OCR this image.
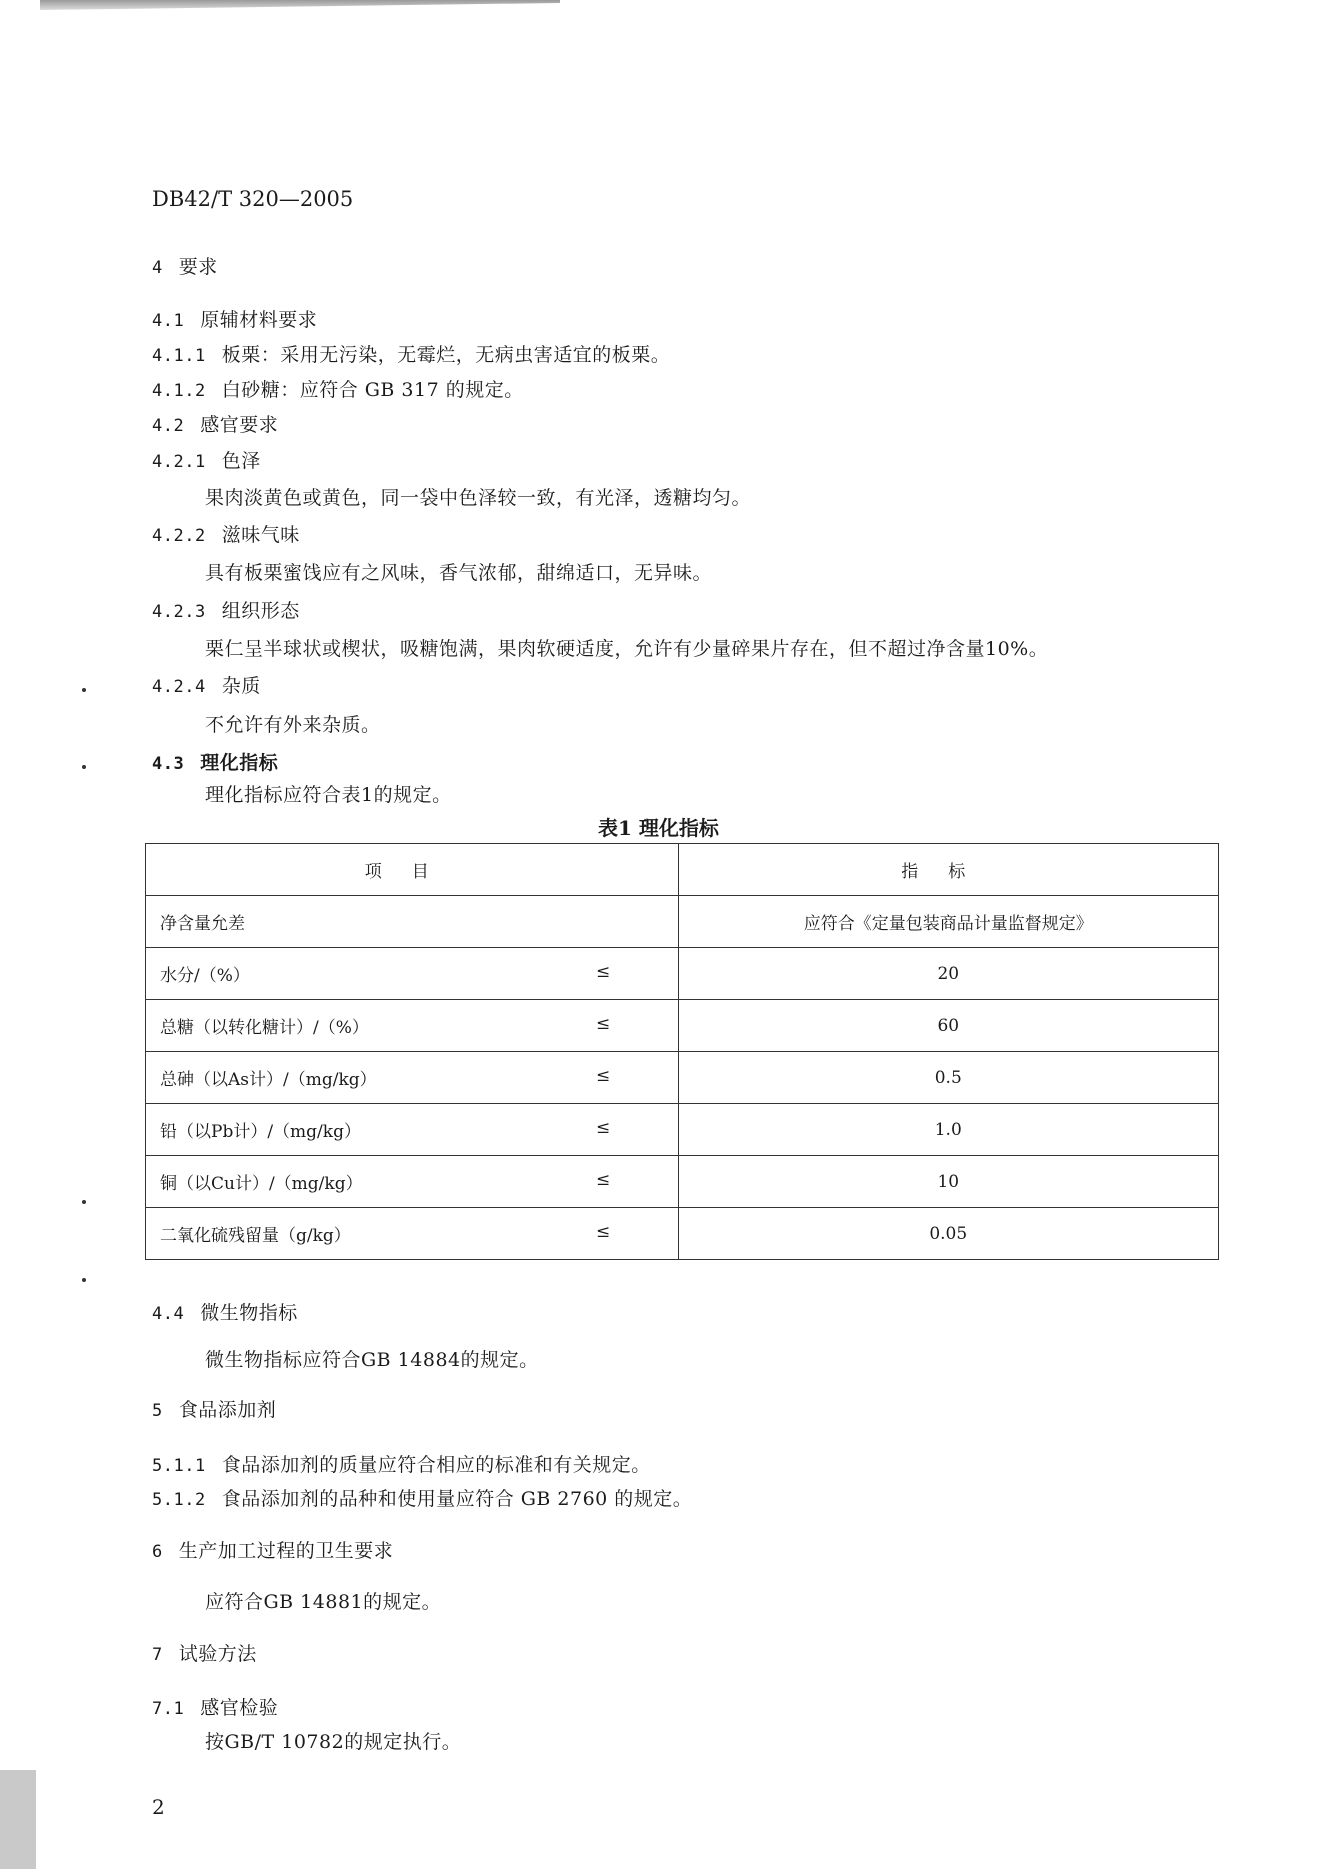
DB42/T 320—2005
4 要求
4.1 原辅材料要求
4.1.1 板栗：采用无污染，无霉烂，无病虫害适宜的板栗。
4.1.2 白砂糖：应符合 GB 317 的规定。
4.2 感官要求
4.2.1 色泽
果肉淡黄色或黄色，同一袋中色泽较一致，有光泽，透糖均匀。
4.2.2 滋味气味
具有板栗蜜饯应有之风味，香气浓郁，甜绵适口，无异味。
4.2.3 组织形态
栗仁呈半球状或楔状，吸糖饱满，果肉软硬适度，允许有少量碎果片存在，但不超过净含量10%。
4.2.4 杂质
不允许有外来杂质。
4.3 理化指标
理化指标应符合表1的规定。
表1 理化指标
项目	指标
净含量允差	应符合《定量包装商品计量监督规定》
水分/（%） ≤	20
总糖（以转化糖计）/（%） ≤	60
总砷（以As计）/（mg/kg） ≤	0.5
铅（以Pb计）/（mg/kg） ≤	1.0
铜（以Cu计）/（mg/kg） ≤	10
二氧化硫残留量（g/kg） ≤	0.05
4.4 微生物指标
微生物指标应符合GB 14884的规定。
5 食品添加剂
5.1.1 食品添加剂的质量应符合相应的标准和有关规定。
5.1.2 食品添加剂的品种和使用量应符合 GB 2760 的规定。
6 生产加工过程的卫生要求
应符合GB 14881的规定。
7 试验方法
7.1 感官检验
按GB/T 10782的规定执行。
2
